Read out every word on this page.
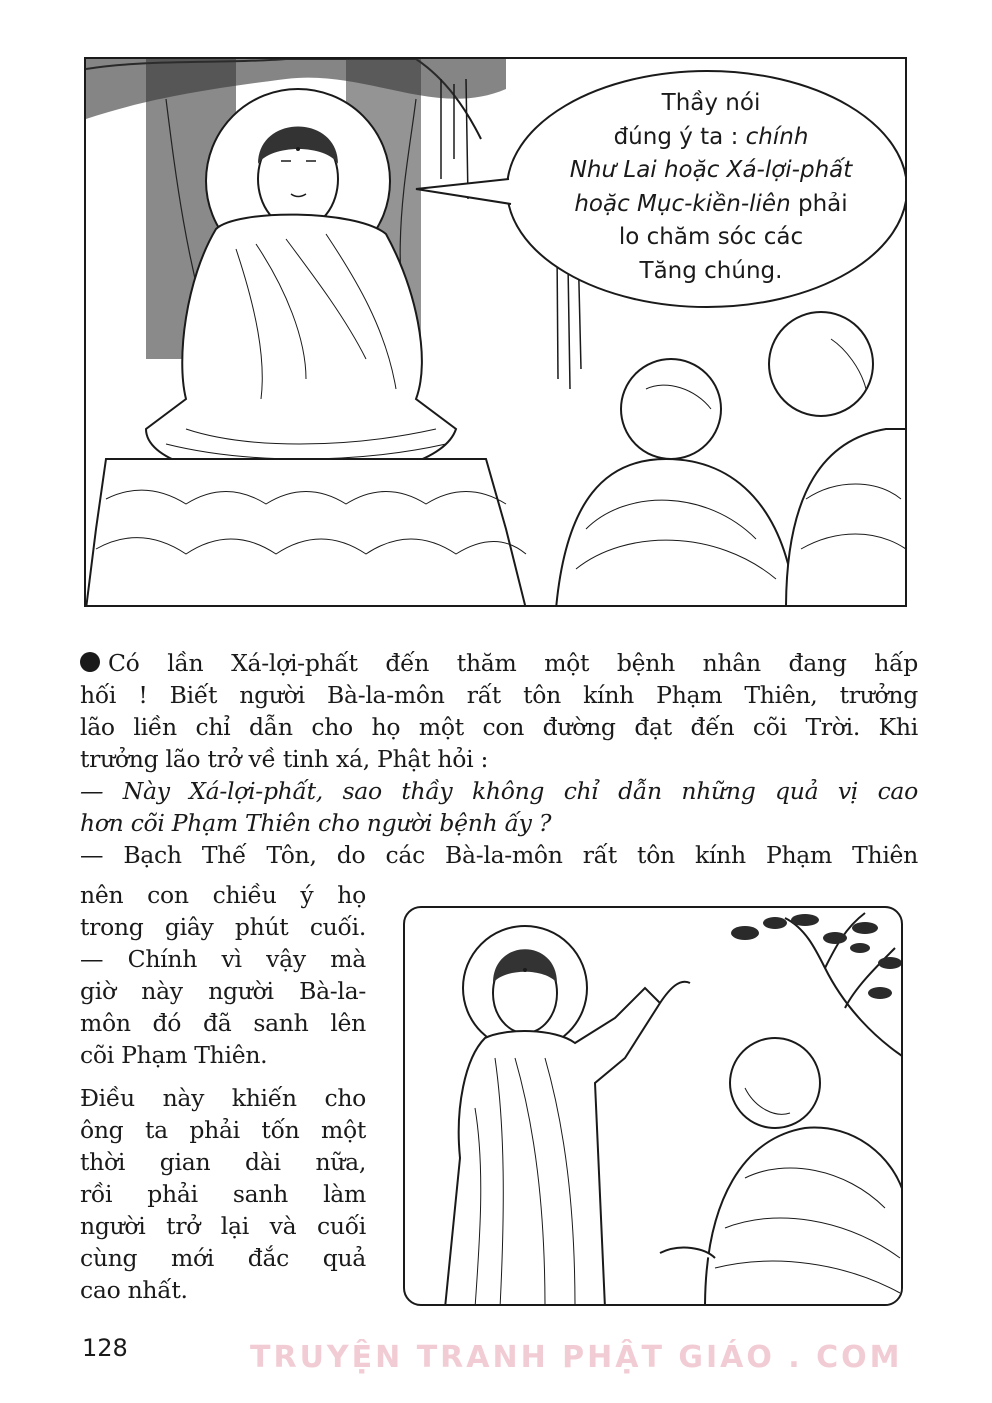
Thầy nói
đúng ý ta : chính
Như Lai hoặc Xá-lợi-phất
hoặc Mục-kiền-liên phải
lo chăm sóc các
Tăng chúng.
Có lần Xá-lợi-phất đến thăm một bệnh nhân đang hấp
hối ! Biết người Bà-la-môn rất tôn kính Phạm Thiên, trưởng
lão liền chỉ dẫn cho họ một con đường đạt đến cõi Trời. Khi
trưởng lão trở về tinh xá, Phật hỏi :
— Này Xá-lợi-phất, sao thầy không chỉ dẫn những quả vị cao
hơn cõi Phạm Thiên cho người bệnh ấy ?
— Bạch Thế Tôn, do các Bà-la-môn rất tôn kính Phạm Thiên
nên con chiều ý họ
trong giây phút cuối.
— Chính vì vậy mà
giờ này người Bà-la-
môn đó đã sanh lên
cõi Phạm Thiên.
Điều này khiến cho
ông ta phải tốn một
thời gian dài nữa,
rồi phải sanh làm
người trở lại và cuối
cùng mới đắc quả
cao nhất.
128	TRUYỆN TRANH PHẬT GIÁO . COM
